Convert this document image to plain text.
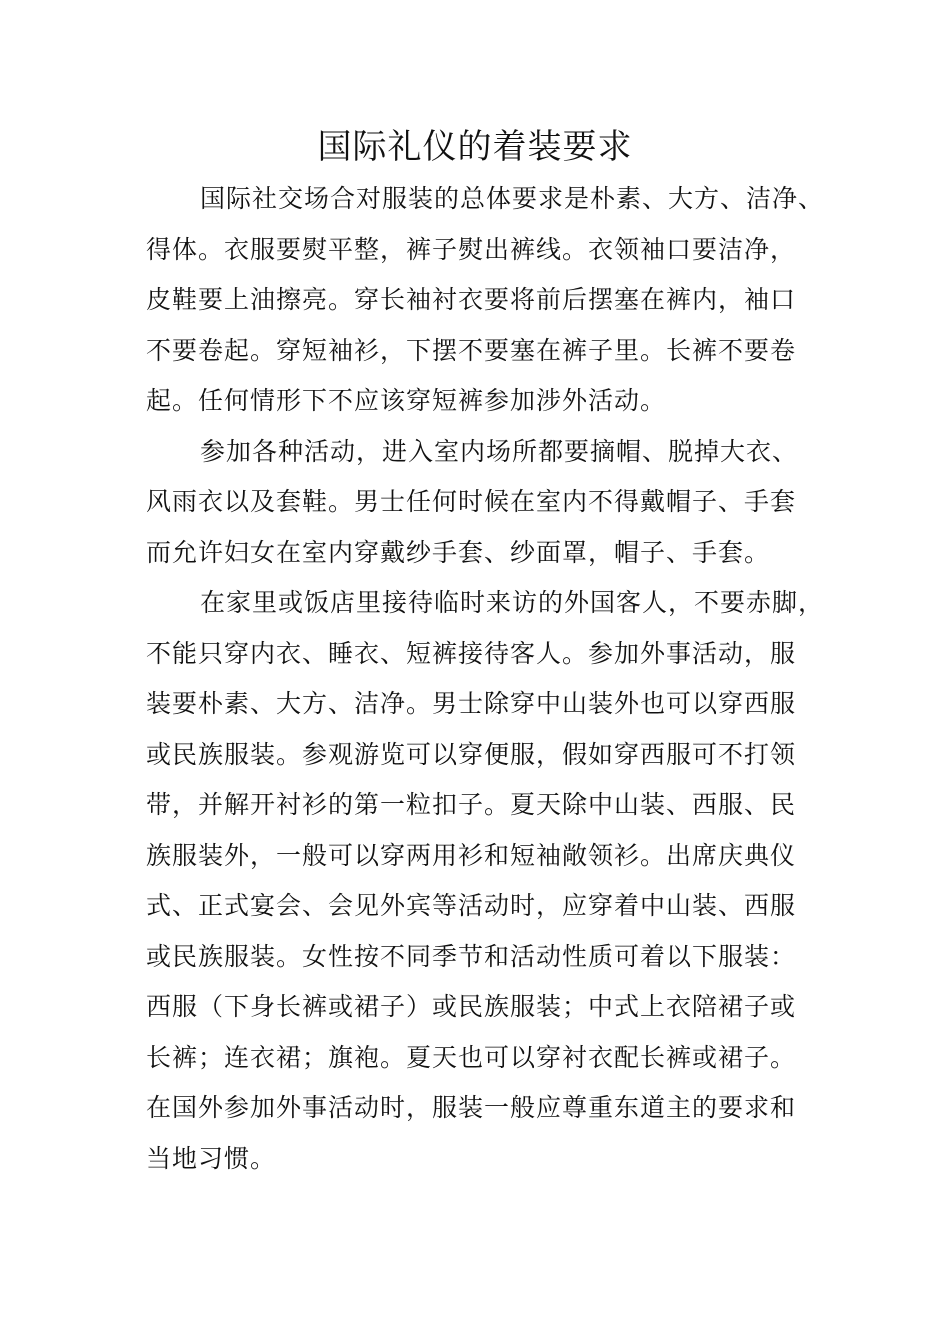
国际礼仪的着装要求
国际社交场合对服装的总体要求是朴素、大方、洁净、
得体。衣服要熨平整，裤子熨出裤线。衣领袖口要洁净，
皮鞋要上油擦亮。穿长袖衬衣要将前后摆塞在裤内，袖口
不要卷起。穿短袖衫，下摆不要塞在裤子里。长裤不要卷
起。任何情形下不应该穿短裤参加涉外活动。
参加各种活动，进入室内场所都要摘帽、脱掉大衣、
风雨衣以及套鞋。男士任何时候在室内不得戴帽子、手套
而允许妇女在室内穿戴纱手套、纱面罩，帽子、手套。
在家里或饭店里接待临时来访的外国客人，不要赤脚，
不能只穿内衣、睡衣、短裤接待客人。参加外事活动，服
装要朴素、大方、洁净。男士除穿中山装外也可以穿西服
或民族服装。参观游览可以穿便服，假如穿西服可不打领
带，并解开衬衫的第一粒扣子。夏天除中山装、西服、民
族服装外，一般可以穿两用衫和短袖敞领衫。出席庆典仪
式、正式宴会、会见外宾等活动时，应穿着中山装、西服
或民族服装。女性按不同季节和活动性质可着以下服装：
西服（下身长裤或裙子）或民族服装；中式上衣陪裙子或
长裤；连衣裙；旗袍。夏天也可以穿衬衣配长裤或裙子。
在国外参加外事活动时，服装一般应尊重东道主的要求和
当地习惯。
